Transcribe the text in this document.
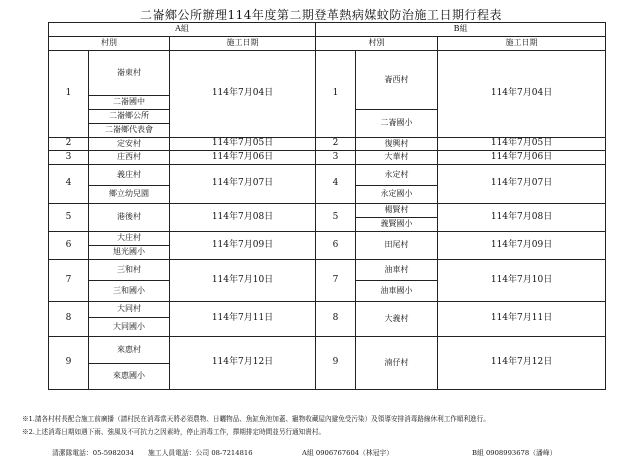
二崙鄉公所辦理114年度第二期登革熱病媒蚊防治施工日期行程表
A組			B組		
村別		施工日期	村別		施工日期
1	崙東村	114年7月04日	1	崙西村	114年7月04日
	二崙國中				
	二崙鄉公所			二崙國小	
	二崙鄉代表會				
2	定安村	114年7月05日	2	復興村	114年7月05日
3	庄西村	114年7月06日	3	大華村	114年7月06日
4	義庄村	114年7月07日	4	永定村	114年7月07日
	鄉立幼兒園			永定國小	
5	港後村	114年7月08日	5	楊賢村	114年7月08日
				義賢國小	
6	大庄村	114年7月09日	6	田尾村	114年7月09日
	旭光國小				
7	三和村	114年7月10日	7	油車村	114年7月10日
	三和國小			油車國小	
8	大同村	114年7月11日	8	大義村	114年7月11日
	大同國小				
9	來惠村	114年7月12日	9	湳仔村	114年7月12日
	來惠國小				
※1.請各村村長配合施工前廣播（請村民在消毒當天將必須農物、日曬物品、魚缸魚池加蓋、寵物收藏屋內避免受污染）及領導安排消毒路線休利工作順利進行。
※2.上述消毒日期如遇下雨、強風及不可抗力之因素時，停止消毒工作，擇期排定時間並另行通知貴村。
清潔隊電話：05-5982034 施工人員電話：公司 08-7214816	A組 0906767604（林冠宇）	B組 0908993678（潘峰）
